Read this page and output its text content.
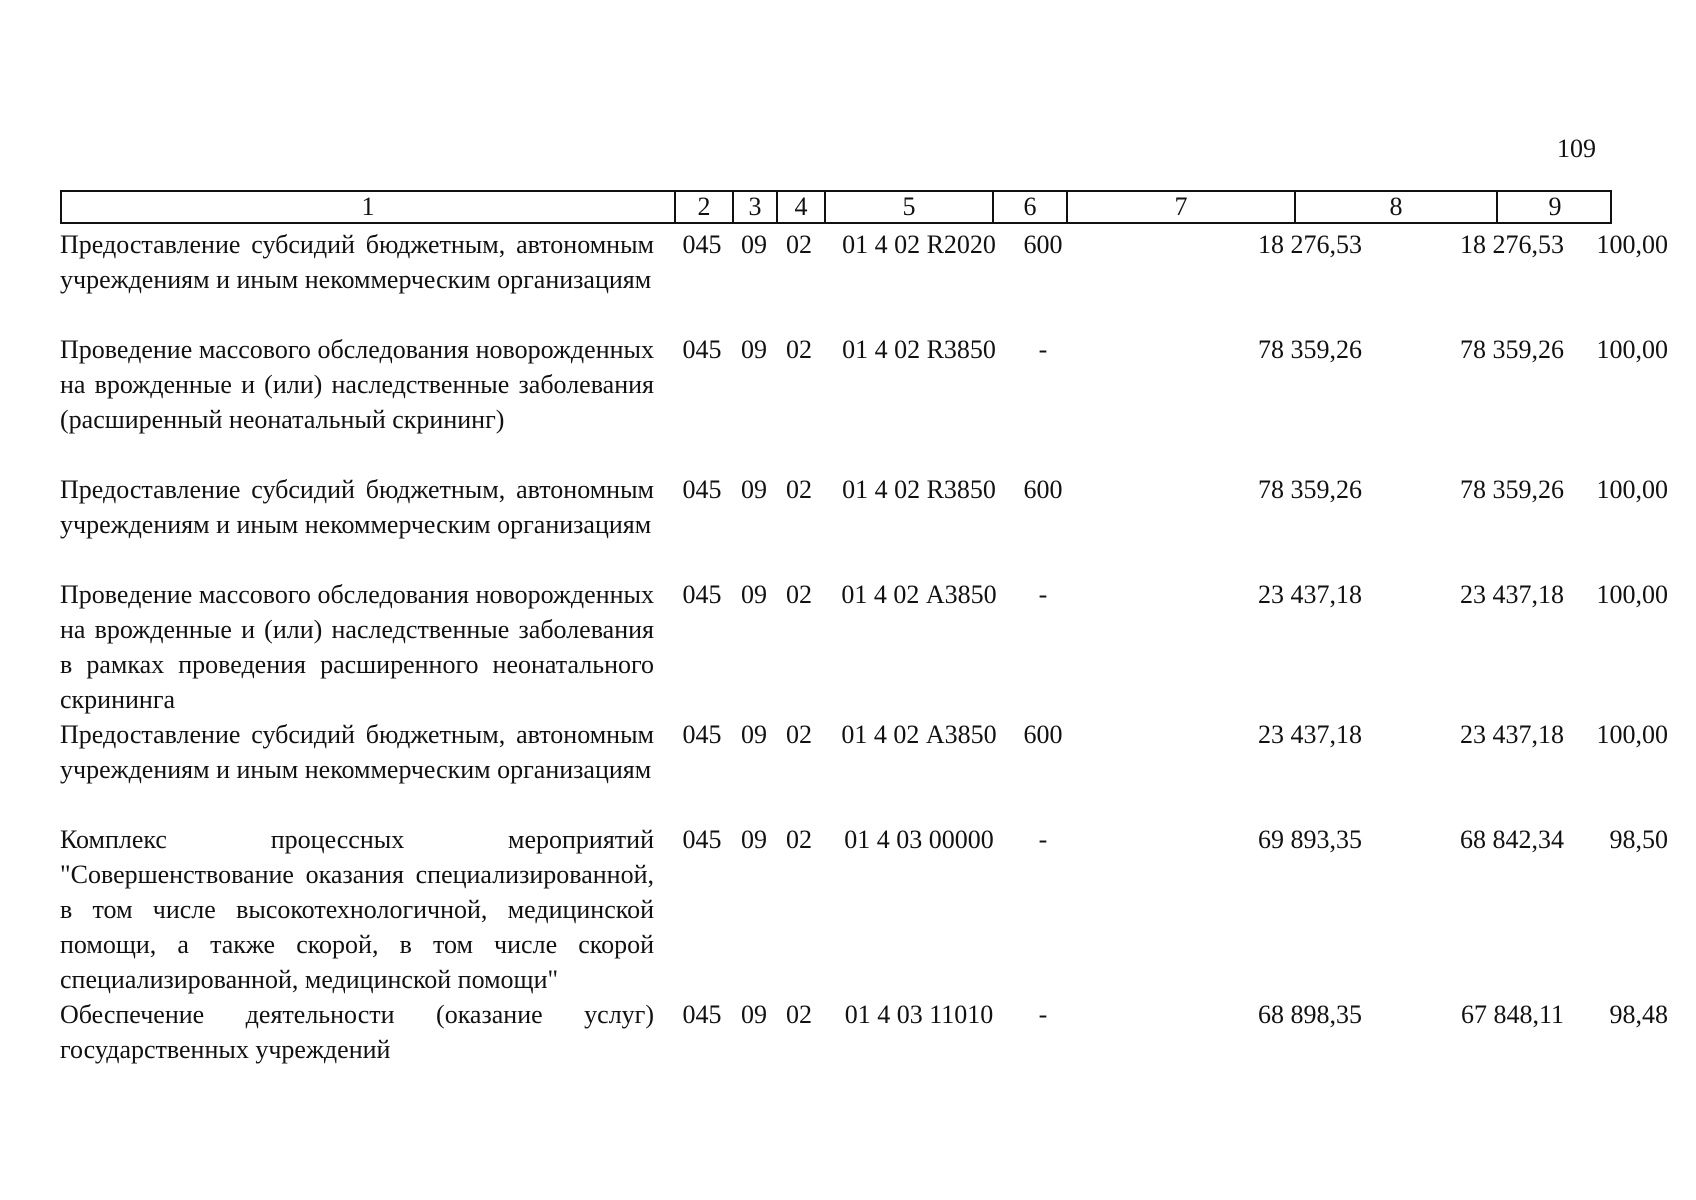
109
1	2	3	4	5	6	7	8	9
Предоставление субсидий бюджетным, автономным учреждениям и иным некоммерческим организациям
045 09 02	01 4 02 R2020	600	18 276,53	18 276,53	100,00
Проведение массового обследования новорожденных на врожденные и (или) наследственные заболевания (расширенный неонатальный скрининг)
045 09 02	01 4 02 R3850	-	78 359,26	78 359,26	100,00
Предоставление субсидий бюджетным, автономным учреждениям и иным некоммерческим организациям
045 09 02	01 4 02 R3850	600	78 359,26	78 359,26	100,00
Проведение массового обследования новорожденных на врожденные и (или) наследственные заболевания в рамках проведения расширенного неонатального скрининга
045 09 02	01 4 02 А3850	-	23 437,18	23 437,18	100,00
Предоставление субсидий бюджетным, автономным учреждениям и иным некоммерческим организациям
045 09 02	01 4 02 А3850	600	23 437,18	23 437,18	100,00
Комплекс процессных мероприятий "Совершенствование оказания специализированной, в том числе высокотехнологичной, медицинской помощи, а также скорой, в том числе скорой специализированной, медицинской помощи"
045 09 02	01 4 03 00000	-	69 893,35	68 842,34	98,50
Обеспечение деятельности (оказание услуг) государственных учреждений
045 09 02	01 4 03 11010	-	68 898,35	67 848,11	98,48
